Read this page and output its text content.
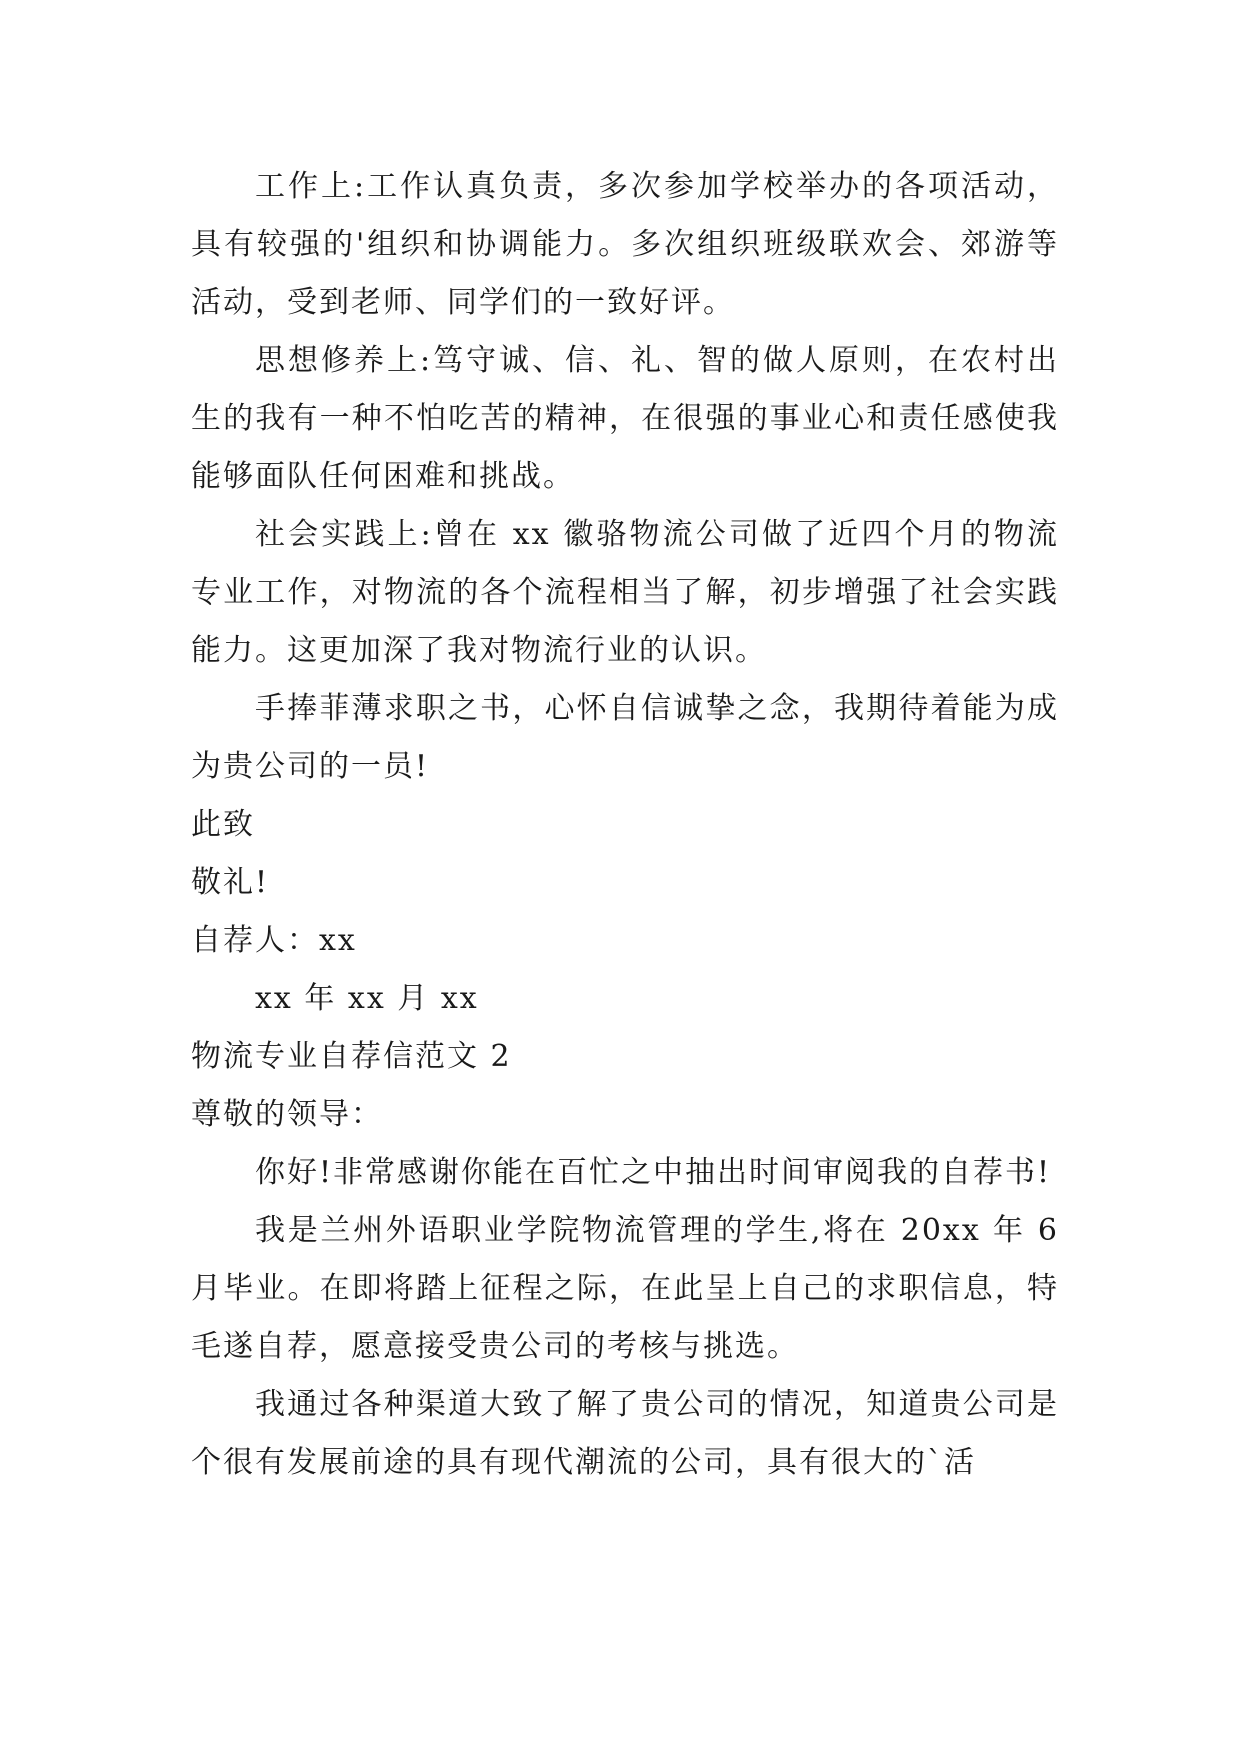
工作上:工作认真负责，多次参加学校举办的各项活动，具有较强的'组织和协调能力。多次组织班级联欢会、郊游等活动，受到老师、同学们的一致好评。

思想修养上:笃守诚、信、礼、智的做人原则，在农村出生的我有一种不怕吃苦的精神，在很强的事业心和责任感使我能够面队任何困难和挑战。

社会实践上:曾在 xx 徽骆物流公司做了近四个月的物流专业工作，对物流的各个流程相当了解，初步增强了社会实践能力。这更加深了我对物流行业的认识。

手捧菲薄求职之书，心怀自信诚挚之念，我期待着能为成为贵公司的一员!

此致

敬礼!

自荐人：xx

xx 年 xx 月 xx

物流专业自荐信范文 2

尊敬的领导：

你好!非常感谢你能在百忙之中抽出时间审阅我的自荐书!

我是兰州外语职业学院物流管理的学生,将在 20xx 年 6 月毕业。在即将踏上征程之际，在此呈上自己的求职信息，特毛遂自荐，愿意接受贵公司的考核与挑选。

我通过各种渠道大致了解了贵公司的情况，知道贵公司是个很有发展前途的具有现代潮流的公司，具有很大的`活
